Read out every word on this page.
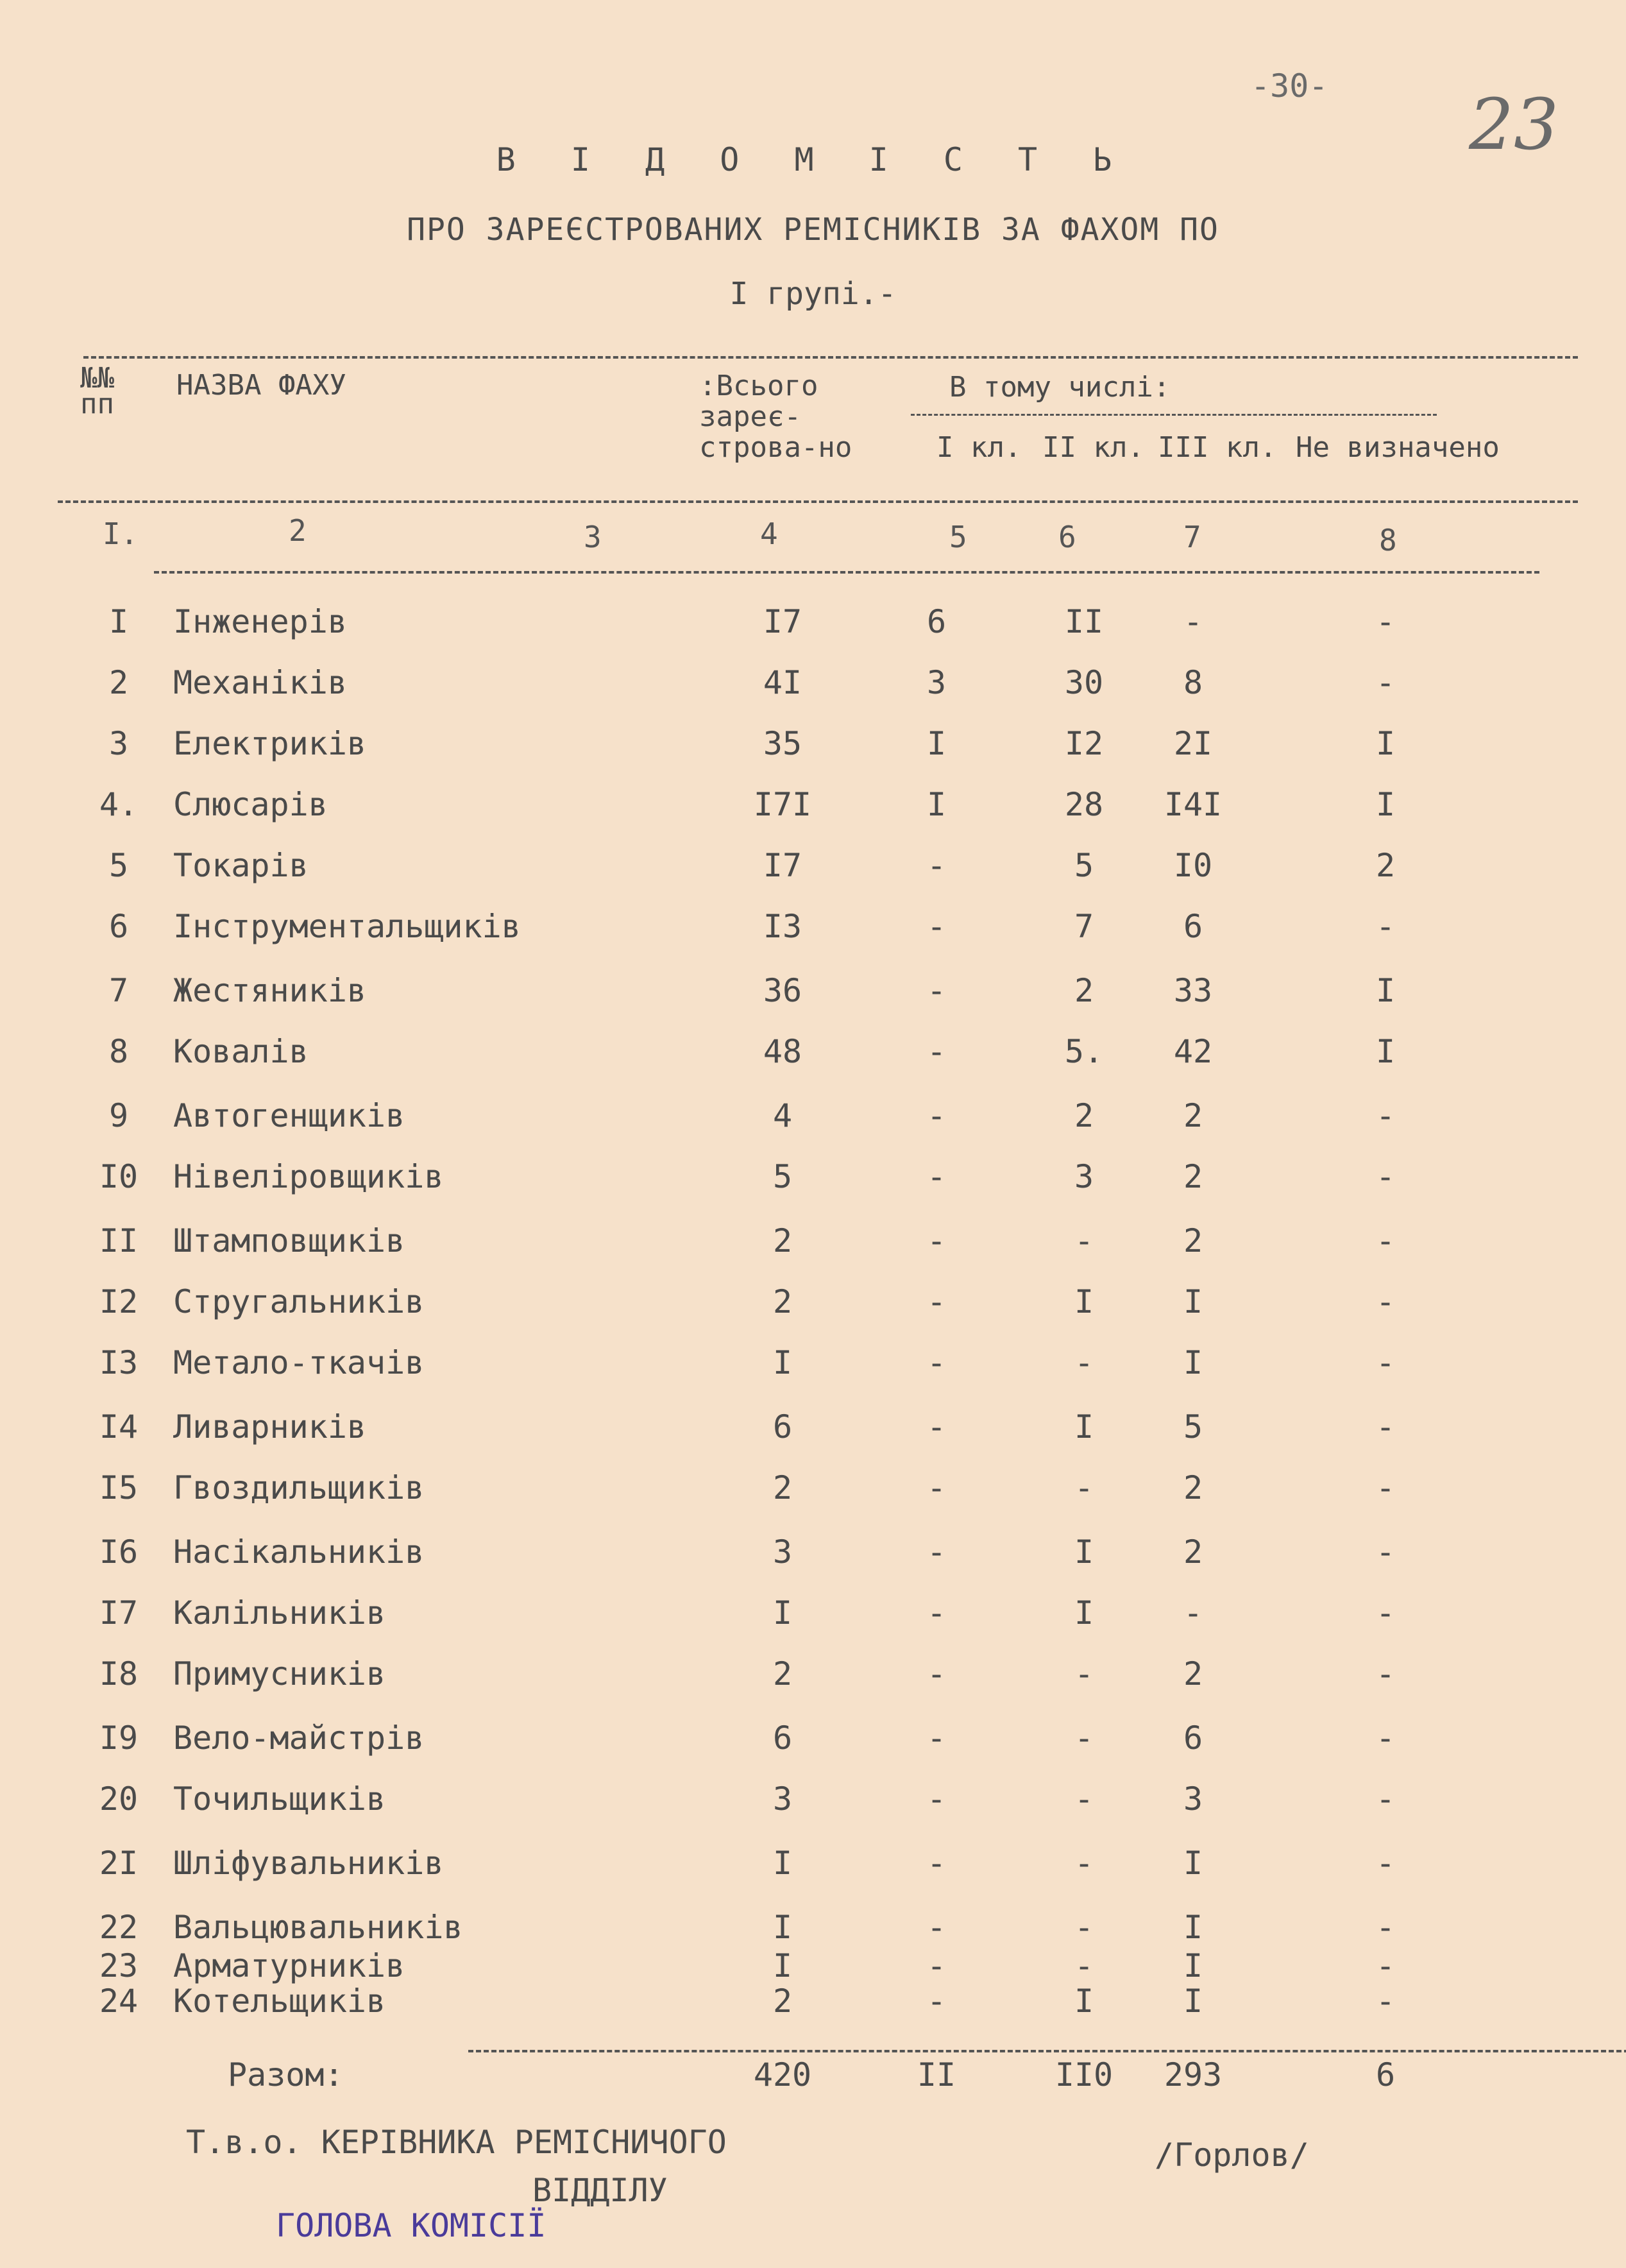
-30- 23
В І Д О М І С Т Ь
ПРО ЗАРЕЄСТРОВАНИХ РЕМІСНИКІВ ЗА ФАХОМ ПО
І групі.-
№№ пп
НАЗВА ФАХУ	:Всього зареє-строва-но
В тому числі:
І кл. ІІ кл. ІІІ кл. Не визначено
І.	2	3	4	5	6	7	8
І	Інженерів	І7	6	ІІ	-	-
2	Механіків	4І	3	30	8	-
3	Електриків	35	І	І2	2І	І
4.	Слюсарів	І7І	І	28	І4І	І
5	Токарів	І7	-	5	І0	2
6	Інструментальщиків	І3	-	7	6	-
7	Жестяників	36	-	2	33	І
8	Ковалів	48	-	5.	42	І
9	Автогенщиків	4	-	2	2	-
І0	Нівеліровщиків	5	-	3	2	-
ІІ	Штамповщиків	2	-	-	2	-
І2	Стругальників	2	-	І	І	-
І3	Метало-ткачів	І	-	-	І	-
І4	Ливарників	6	-	І	5	-
І5	Гвоздильщиків	2	-	-	2	-
І6	Насікальників	3	-	І	2	-
І7	Калільників	І	-	І	-	-
І8	Примусників	2	-	-	2	-
І9	Вело-майстрів	6	-	-	6	-
20	Точильщиків	3	-	-	3	-
2І	Шліфувальників	І	-	-	І	-
22	Вальцювальників	І	-	-	І	-
23	Арматурників	І	-	-	І	-
24	Котельщиків	2	-	І	І	-
Разом:	420	ІІ	ІІ0	293	6
Т.в.о. КЕРІВНИКА РЕМІСНИЧОГО
ВІДДІЛУ
/Горлов/
ГОЛОВА КОМІСІЇ
